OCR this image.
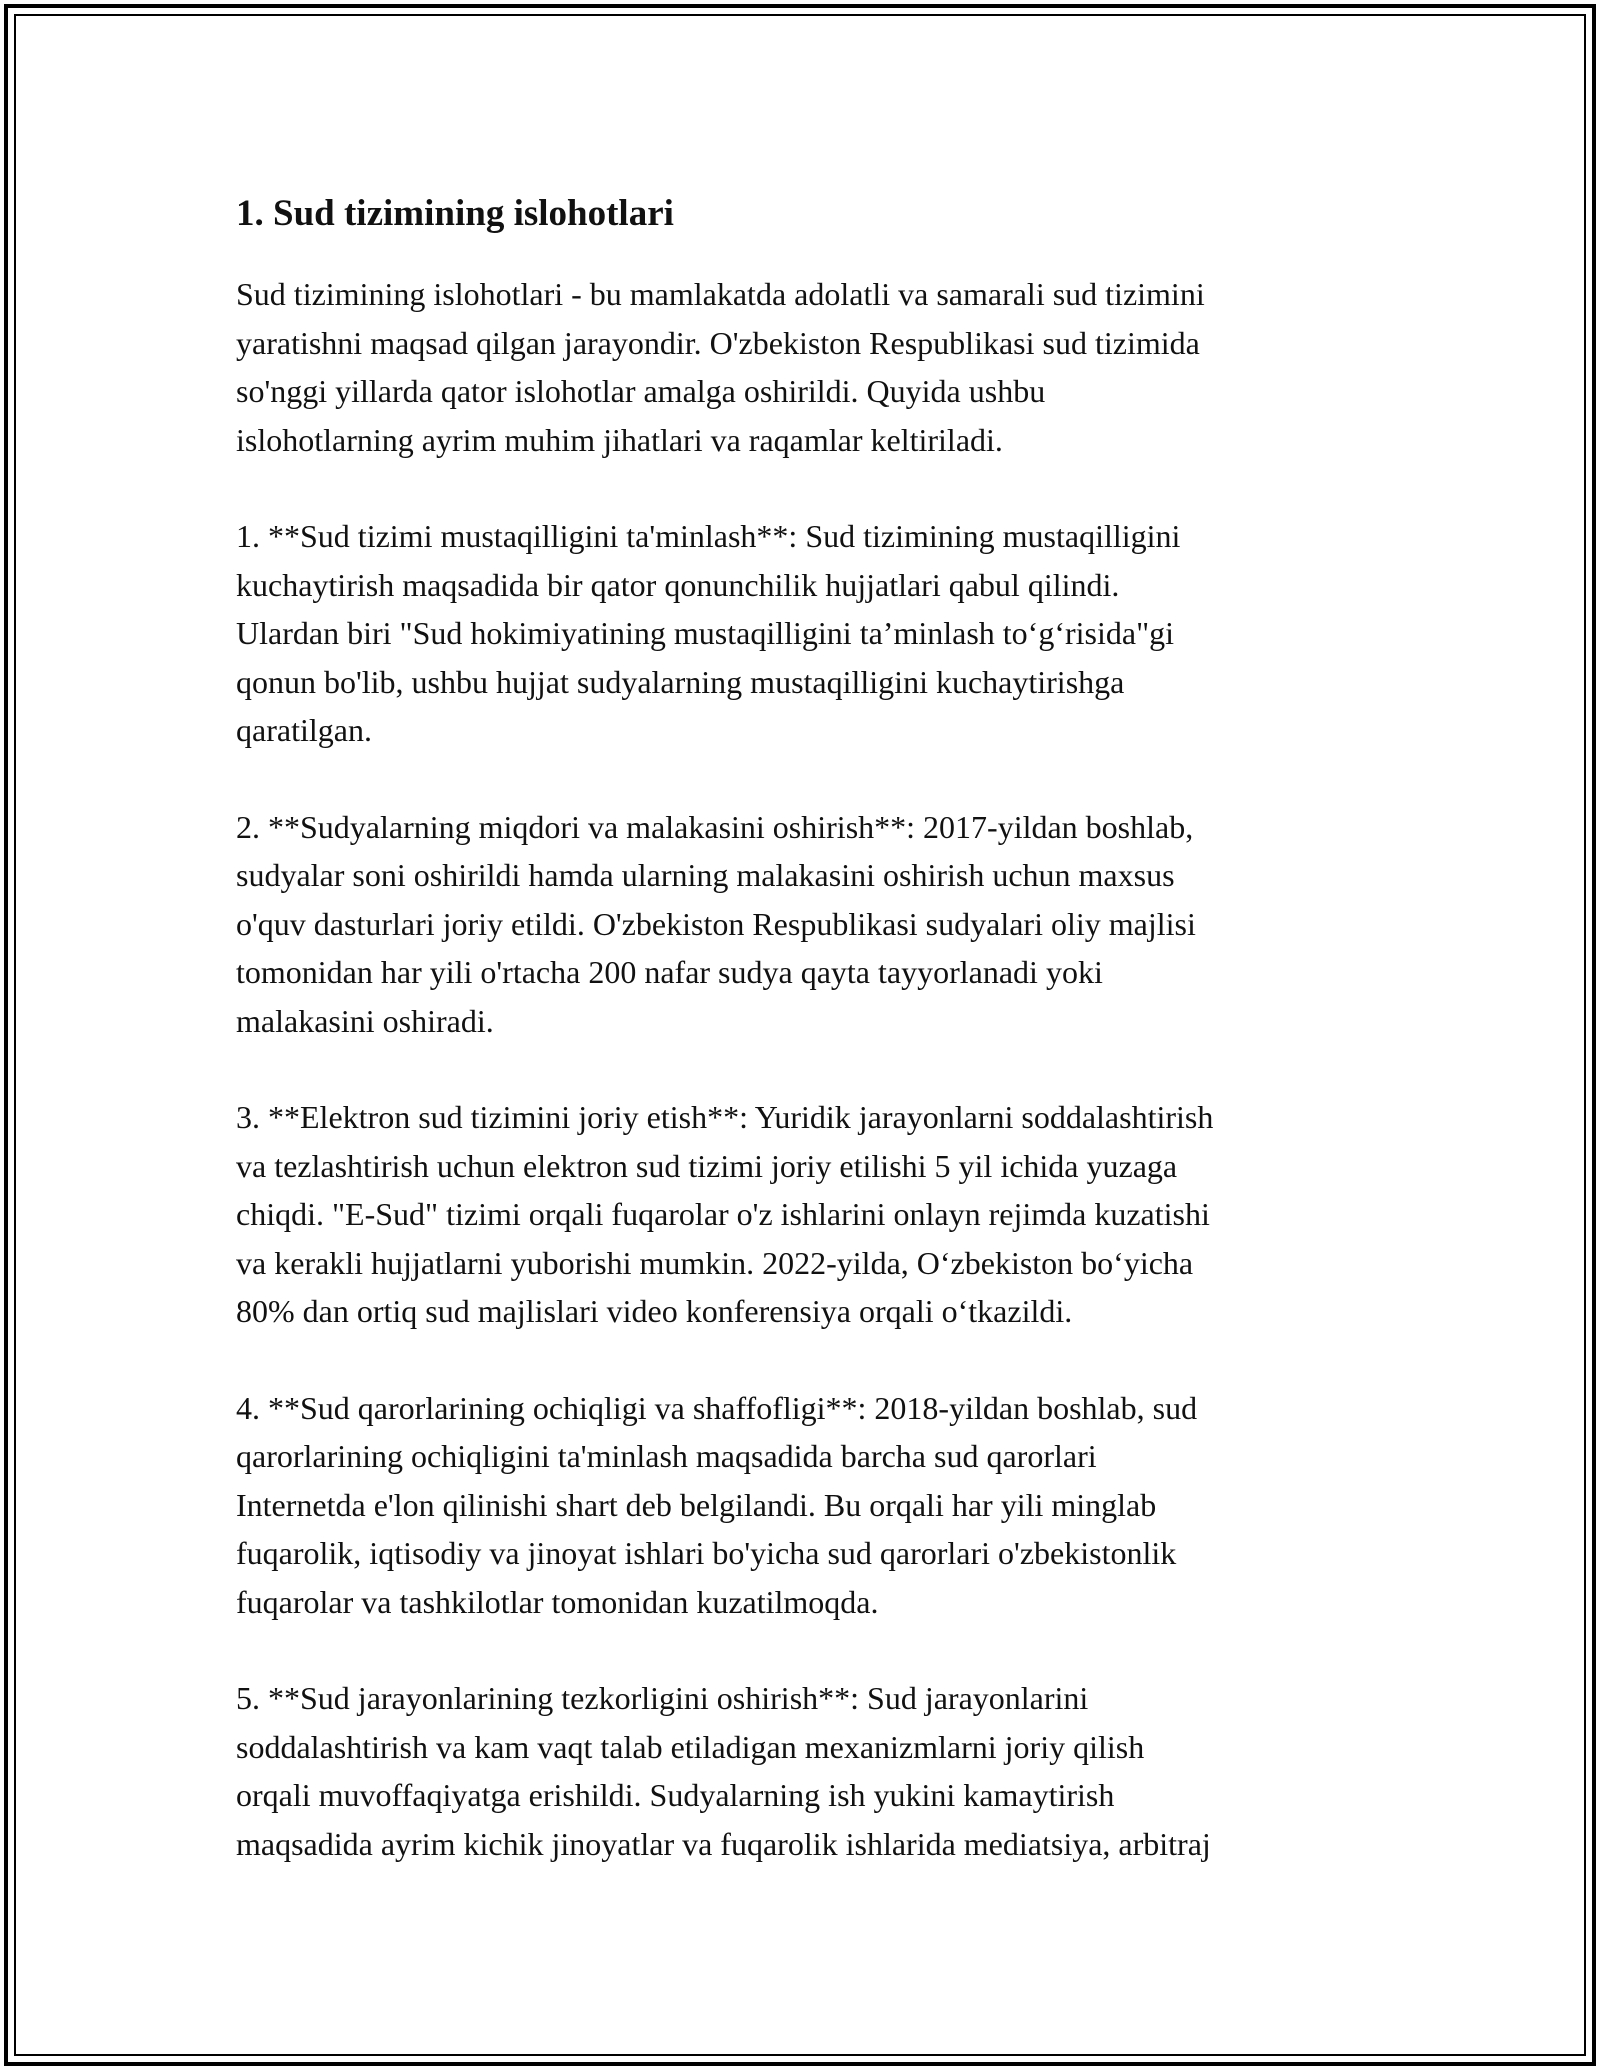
1. Sud tizimining islohotlari

Sud tizimining islohotlari - bu mamlakatda adolatli va samarali sud tizimini
yaratishni maqsad qilgan jarayondir. O'zbekiston Respublikasi sud tizimida
so'nggi yillarda qator islohotlar amalga oshirildi. Quyida ushbu
islohotlarning ayrim muhim jihatlari va raqamlar keltiriladi.

1. **Sud tizimi mustaqilligini ta'minlash**: Sud tizimining mustaqilligini
kuchaytirish maqsadida bir qator qonunchilik hujjatlari qabul qilindi.
Ulardan biri "Sud hokimiyatining mustaqilligini ta’minlash to‘g‘risida"gi
qonun bo'lib, ushbu hujjat sudyalarning mustaqilligini kuchaytirishga
qaratilgan.

2. **Sudyalarning miqdori va malakasini oshirish**: 2017-yildan boshlab,
sudyalar soni oshirildi hamda ularning malakasini oshirish uchun maxsus
o'quv dasturlari joriy etildi. O'zbekiston Respublikasi sudyalari oliy majlisi
tomonidan har yili o'rtacha 200 nafar sudya qayta tayyorlanadi yoki
malakasini oshiradi.

3. **Elektron sud tizimini joriy etish**: Yuridik jarayonlarni soddalashtirish
va tezlashtirish uchun elektron sud tizimi joriy etilishi 5 yil ichida yuzaga
chiqdi. "E-Sud" tizimi orqali fuqarolar o'z ishlarini onlayn rejimda kuzatishi
va kerakli hujjatlarni yuborishi mumkin. 2022-yilda, O‘zbekiston bo‘yicha
80% dan ortiq sud majlislari video konferensiya orqali o‘tkazildi.

4. **Sud qarorlarining ochiqligi va shaffofligi**: 2018-yildan boshlab, sud
qarorlarining ochiqligini ta'minlash maqsadida barcha sud qarorlari
Internetda e'lon qilinishi shart deb belgilandi. Bu orqali har yili minglab
fuqarolik, iqtisodiy va jinoyat ishlari bo'yicha sud qarorlari o'zbekistonlik
fuqarolar va tashkilotlar tomonidan kuzatilmoqda.

5. **Sud jarayonlarining tezkorligini oshirish**: Sud jarayonlarini
soddalashtirish va kam vaqt talab etiladigan mexanizmlarni joriy qilish
orqali muvoffaqiyatga erishildi. Sudyalarning ish yukini kamaytirish
maqsadida ayrim kichik jinoyatlar va fuqarolik ishlarida mediatsiya, arbitraj
